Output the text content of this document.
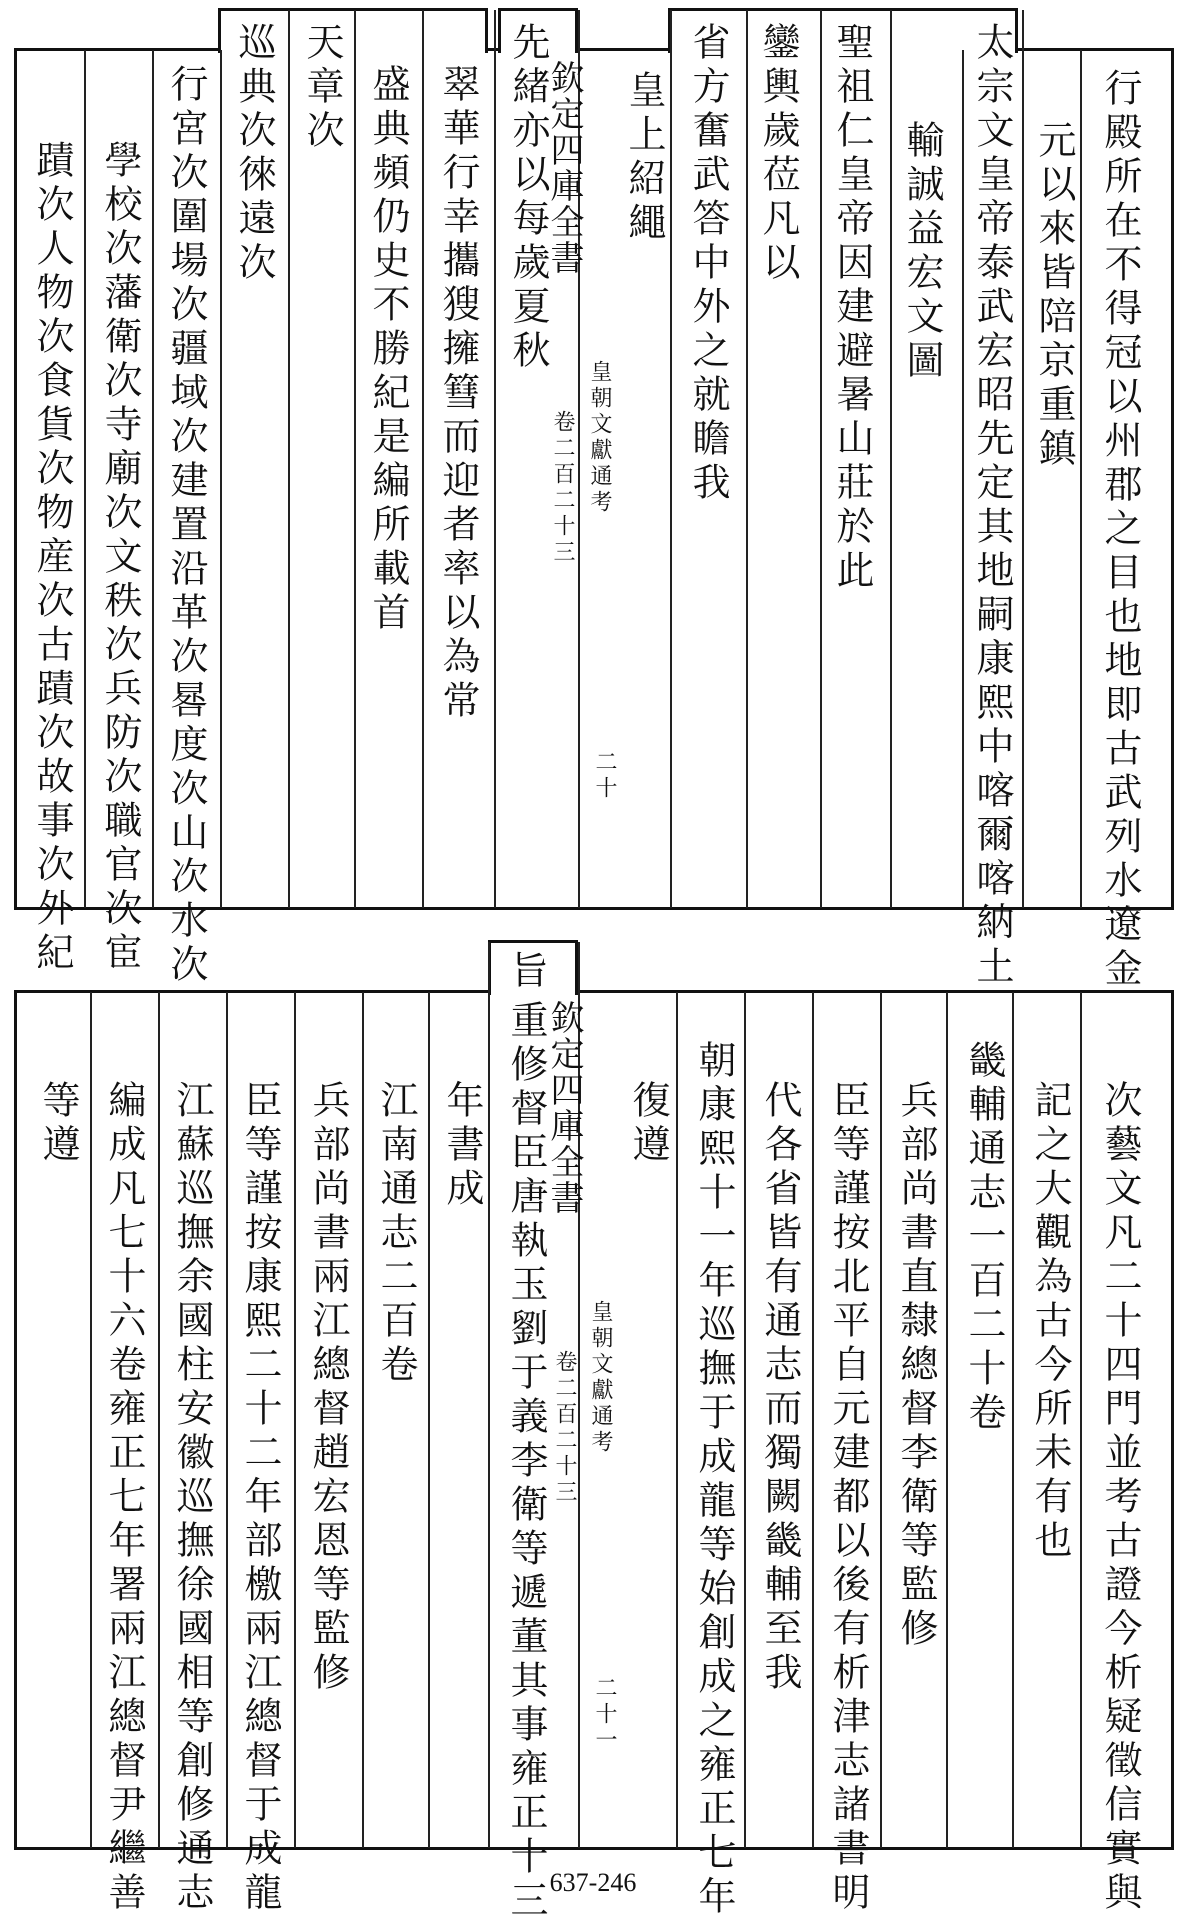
行殿所在不得冠以州郡之目也地即古武列水遼金
元以來皆陪京重鎮
太宗文皇帝泰武宏昭先定其地嗣康熙中喀爾喀納土
輸誠益宏文圖
聖祖仁皇帝因建避暑山莊於此
鑾輿歲莅凡以
省方奮武答中外之就瞻我
皇上紹繩
欽定四庫全書
皇朝文獻通考
卷二百二十三
二十
先緒亦以每歲夏秋
翠華行幸攜獀擁篲而迎者率以為常
盛典頻仍史不勝紀是編所載首
天章次
巡典次徠遠次
行宮次圍場次疆域次建置沿革次晷度次山次水次
學校次藩衛次寺廟次文秩次兵防次職官次宦
蹟次人物次食貨次物産次古蹟次故事次外紀
次藝文凡二十四門並考古證今析疑徵信實與
記之大觀為古今所未有也
畿輔通志一百二十卷
兵部尚書直隸總督李衛等監修
臣等謹按北平自元建都以後有析津志諸書明
代各省皆有通志而獨闕畿輔至我
朝康熙十一年巡撫于成龍等始創成之雍正七年
復遵
欽定四庫全書
皇朝文獻通考
卷二百二十三
二十一
旨
重修督臣唐執玉劉于義李衛等遞董其事雍正十三
年書成
江南通志二百卷
兵部尚書兩江總督趙宏恩等監修
臣等謹按康熙二十二年部檄兩江總督于成龍
江蘇巡撫余國柱安徽巡撫徐國相等創修通志
編成凡七十六卷雍正七年署兩江總督尹繼善
等遵
637-246
